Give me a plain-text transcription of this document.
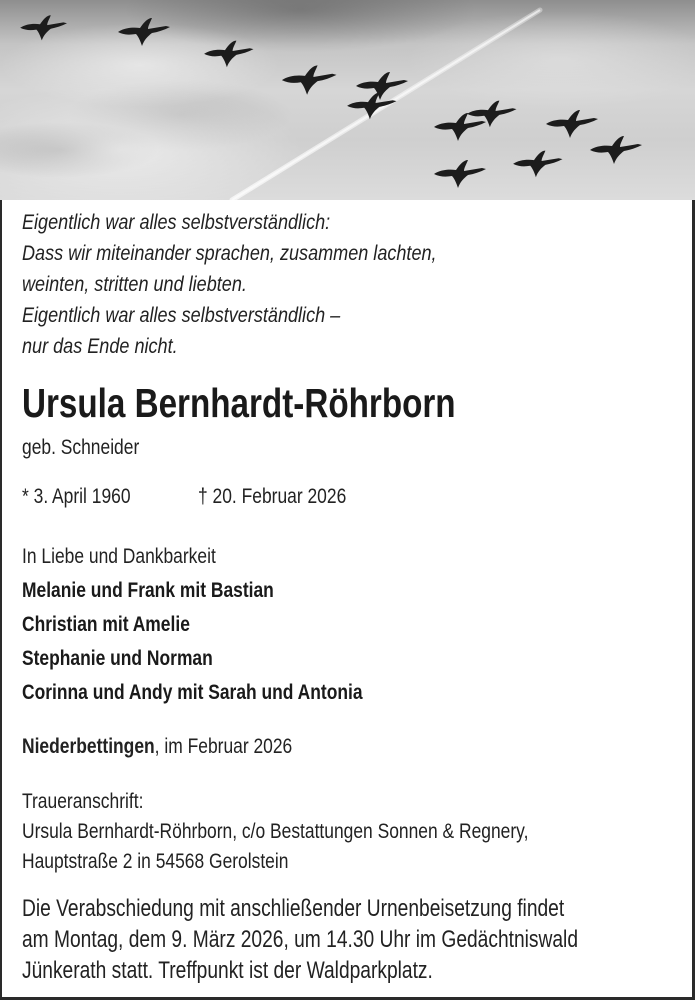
Eigentlich war alles selbstverständlich:
Dass wir miteinander sprachen, zusammen lachten,
weinten, stritten und liebten.
Eigentlich war alles selbstverständlich –
nur das Ende nicht.
Ursula Bernhardt-Röhrborn
geb. Schneider
* 3. April 1960	† 20. Februar 2026
In Liebe und Dankbarkeit
Melanie und Frank mit Bastian
Christian mit Amelie
Stephanie und Norman
Corinna und Andy mit Sarah und Antonia
Niederbettingen, im Februar 2026
Traueranschrift:
Ursula Bernhardt-Röhrborn, c/o Bestattungen Sonnen & Regnery,
Hauptstraße 2 in 54568 Gerolstein
Die Verabschiedung mit anschließender Urnenbeisetzung findet
am Montag, dem 9. März 2026, um 14.30 Uhr im Gedächtniswald
Jünkerath statt. Treffpunkt ist der Waldparkplatz.
